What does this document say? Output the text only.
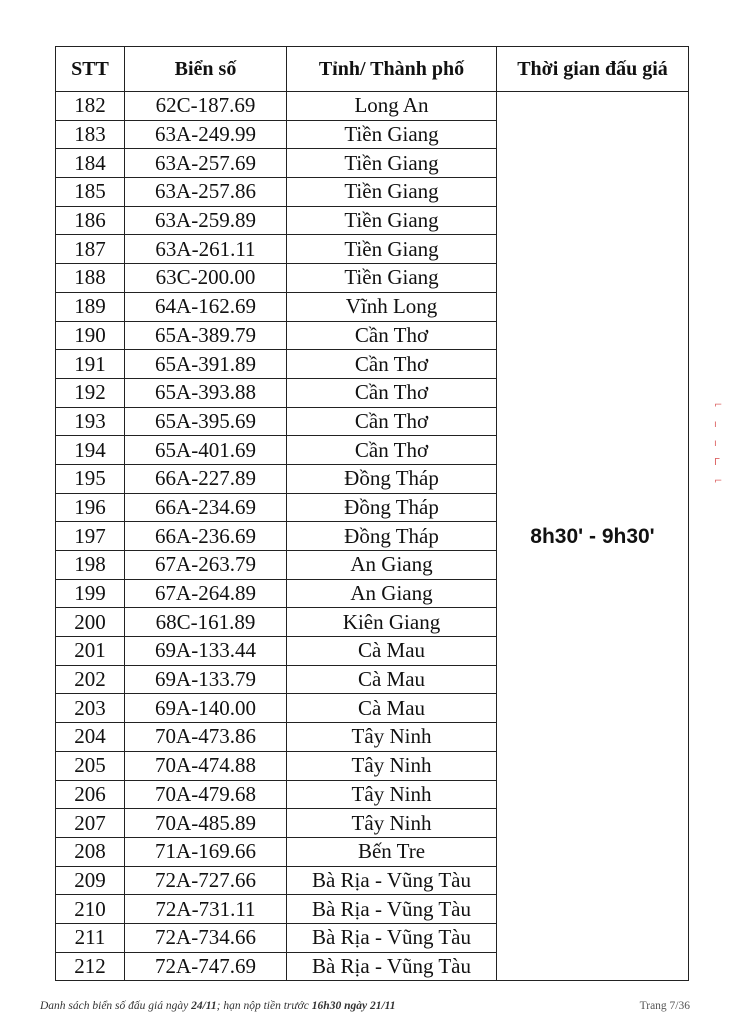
STT	Biển số	Tỉnh/ Thành phố	Thời gian đấu giá
182	62C-187.69	Long An	8h30' - 9h30'
183	63A-249.99	Tiền Giang	
184	63A-257.69	Tiền Giang	
185	63A-257.86	Tiền Giang	
186	63A-259.89	Tiền Giang	
187	63A-261.11	Tiền Giang	
188	63C-200.00	Tiền Giang	
189	64A-162.69	Vĩnh Long	
190	65A-389.79	Cần Thơ	
191	65A-391.89	Cần Thơ	
192	65A-393.88	Cần Thơ	
193	65A-395.69	Cần Thơ	
194	65A-401.69	Cần Thơ	
195	66A-227.89	Đồng Tháp	
196	66A-234.69	Đồng Tháp	
197	66A-236.69	Đồng Tháp	
198	67A-263.79	An Giang	
199	67A-264.89	An Giang	
200	68C-161.89	Kiên Giang	
201	69A-133.44	Cà Mau	
202	69A-133.79	Cà Mau	
203	69A-140.00	Cà Mau	
204	70A-473.86	Tây Ninh	
205	70A-474.88	Tây Ninh	
206	70A-479.68	Tây Ninh	
207	70A-485.89	Tây Ninh	
208	71A-169.66	Bến Tre	
209	72A-727.66	Bà Rịa - Vũng Tàu	
210	72A-731.11	Bà Rịa - Vũng Tàu	
211	72A-734.66	Bà Rịa - Vũng Tàu	
212	72A-747.69	Bà Rịa - Vũng Tàu	
⌐
ı
ı
Γ
⌐
Danh sách biển số đấu giá ngày 24/11; hạn nộp tiền trước 16h30 ngày 21/11	Trang 7/36
